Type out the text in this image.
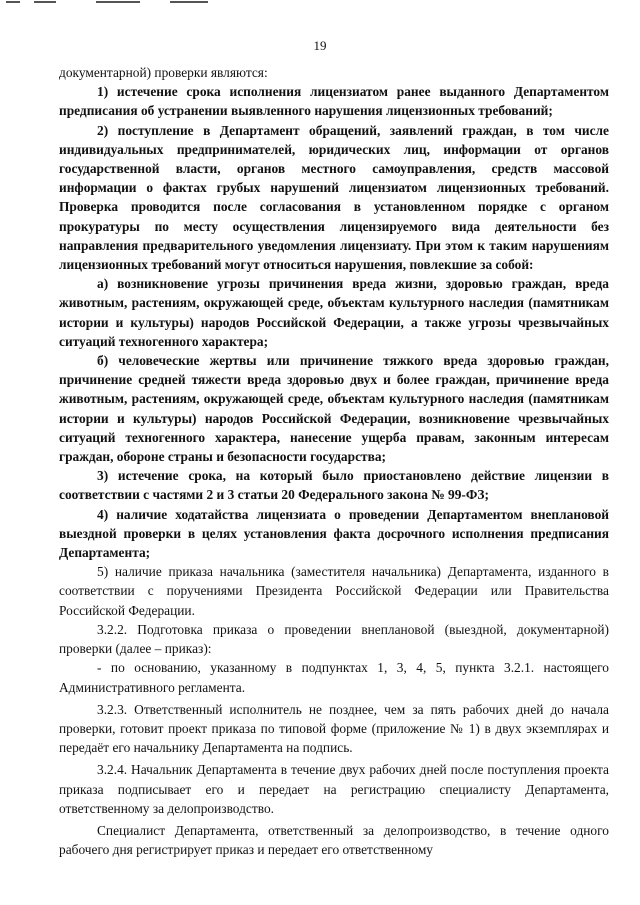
19

документарной) проверки являются:

1) истечение срока исполнения лицензиатом ранее выданного Департаментом предписания об устранении выявленного нарушения лицензионных требований;

2) поступление в Департамент обращений, заявлений граждан, в том числе индивидуальных предпринимателей, юридических лиц, информации от органов государственной власти, органов местного самоуправления, средств массовой информации о фактах грубых нарушений лицензиатом лицензионных требований. Проверка проводится после согласования в установленном порядке с органом прокуратуры по месту осуществления лицензируемого вида деятельности без направления предварительного уведомления лицензиату. При этом к таким нарушениям лицензионных требований могут относиться нарушения, повлекшие за собой:

а) возникновение угрозы причинения вреда жизни, здоровью граждан, вреда животным, растениям, окружающей среде, объектам культурного наследия (памятникам истории и культуры) народов Российской Федерации, а также угрозы чрезвычайных ситуаций техногенного характера;

б) человеческие жертвы или причинение тяжкого вреда здоровью граждан, причинение средней тяжести вреда здоровью двух и более граждан, причинение вреда животным, растениям, окружающей среде, объектам культурного наследия (памятникам истории и культуры) народов Российской Федерации, возникновение чрезвычайных ситуаций техногенного характера, нанесение ущерба правам, законным интересам граждан, обороне страны и безопасности государства;

3) истечение срока, на который было приостановлено действие лицензии в соответствии с частями 2 и 3 статьи 20 Федерального закона № 99-ФЗ;

4) наличие ходатайства лицензиата о проведении Департаментом внеплановой выездной проверки в целях установления факта досрочного исполнения предписания Департамента;

5) наличие приказа начальника (заместителя начальника) Департамента, изданного в соответствии с поручениями Президента Российской Федерации или Правительства Российской Федерации.

3.2.2. Подготовка приказа о проведении внеплановой (выездной, документарной) проверки (далее – приказ):

- по основанию, указанному в подпунктах 1, 3, 4, 5, пункта 3.2.1. настоящего Административного регламента.

3.2.3. Ответственный исполнитель не позднее, чем за пять рабочих дней до начала проверки, готовит проект приказа по типовой форме (приложение № 1) в двух экземплярах и передаёт его начальнику Департамента на подпись.

3.2.4. Начальник Департамента в течение двух рабочих дней после поступления проекта приказа подписывает его и передает на регистрацию специалисту Департамента, ответственному за делопроизводство.

Специалист Департамента, ответственный за делопроизводство, в течение одного рабочего дня регистрирует приказ и передает его ответственному
